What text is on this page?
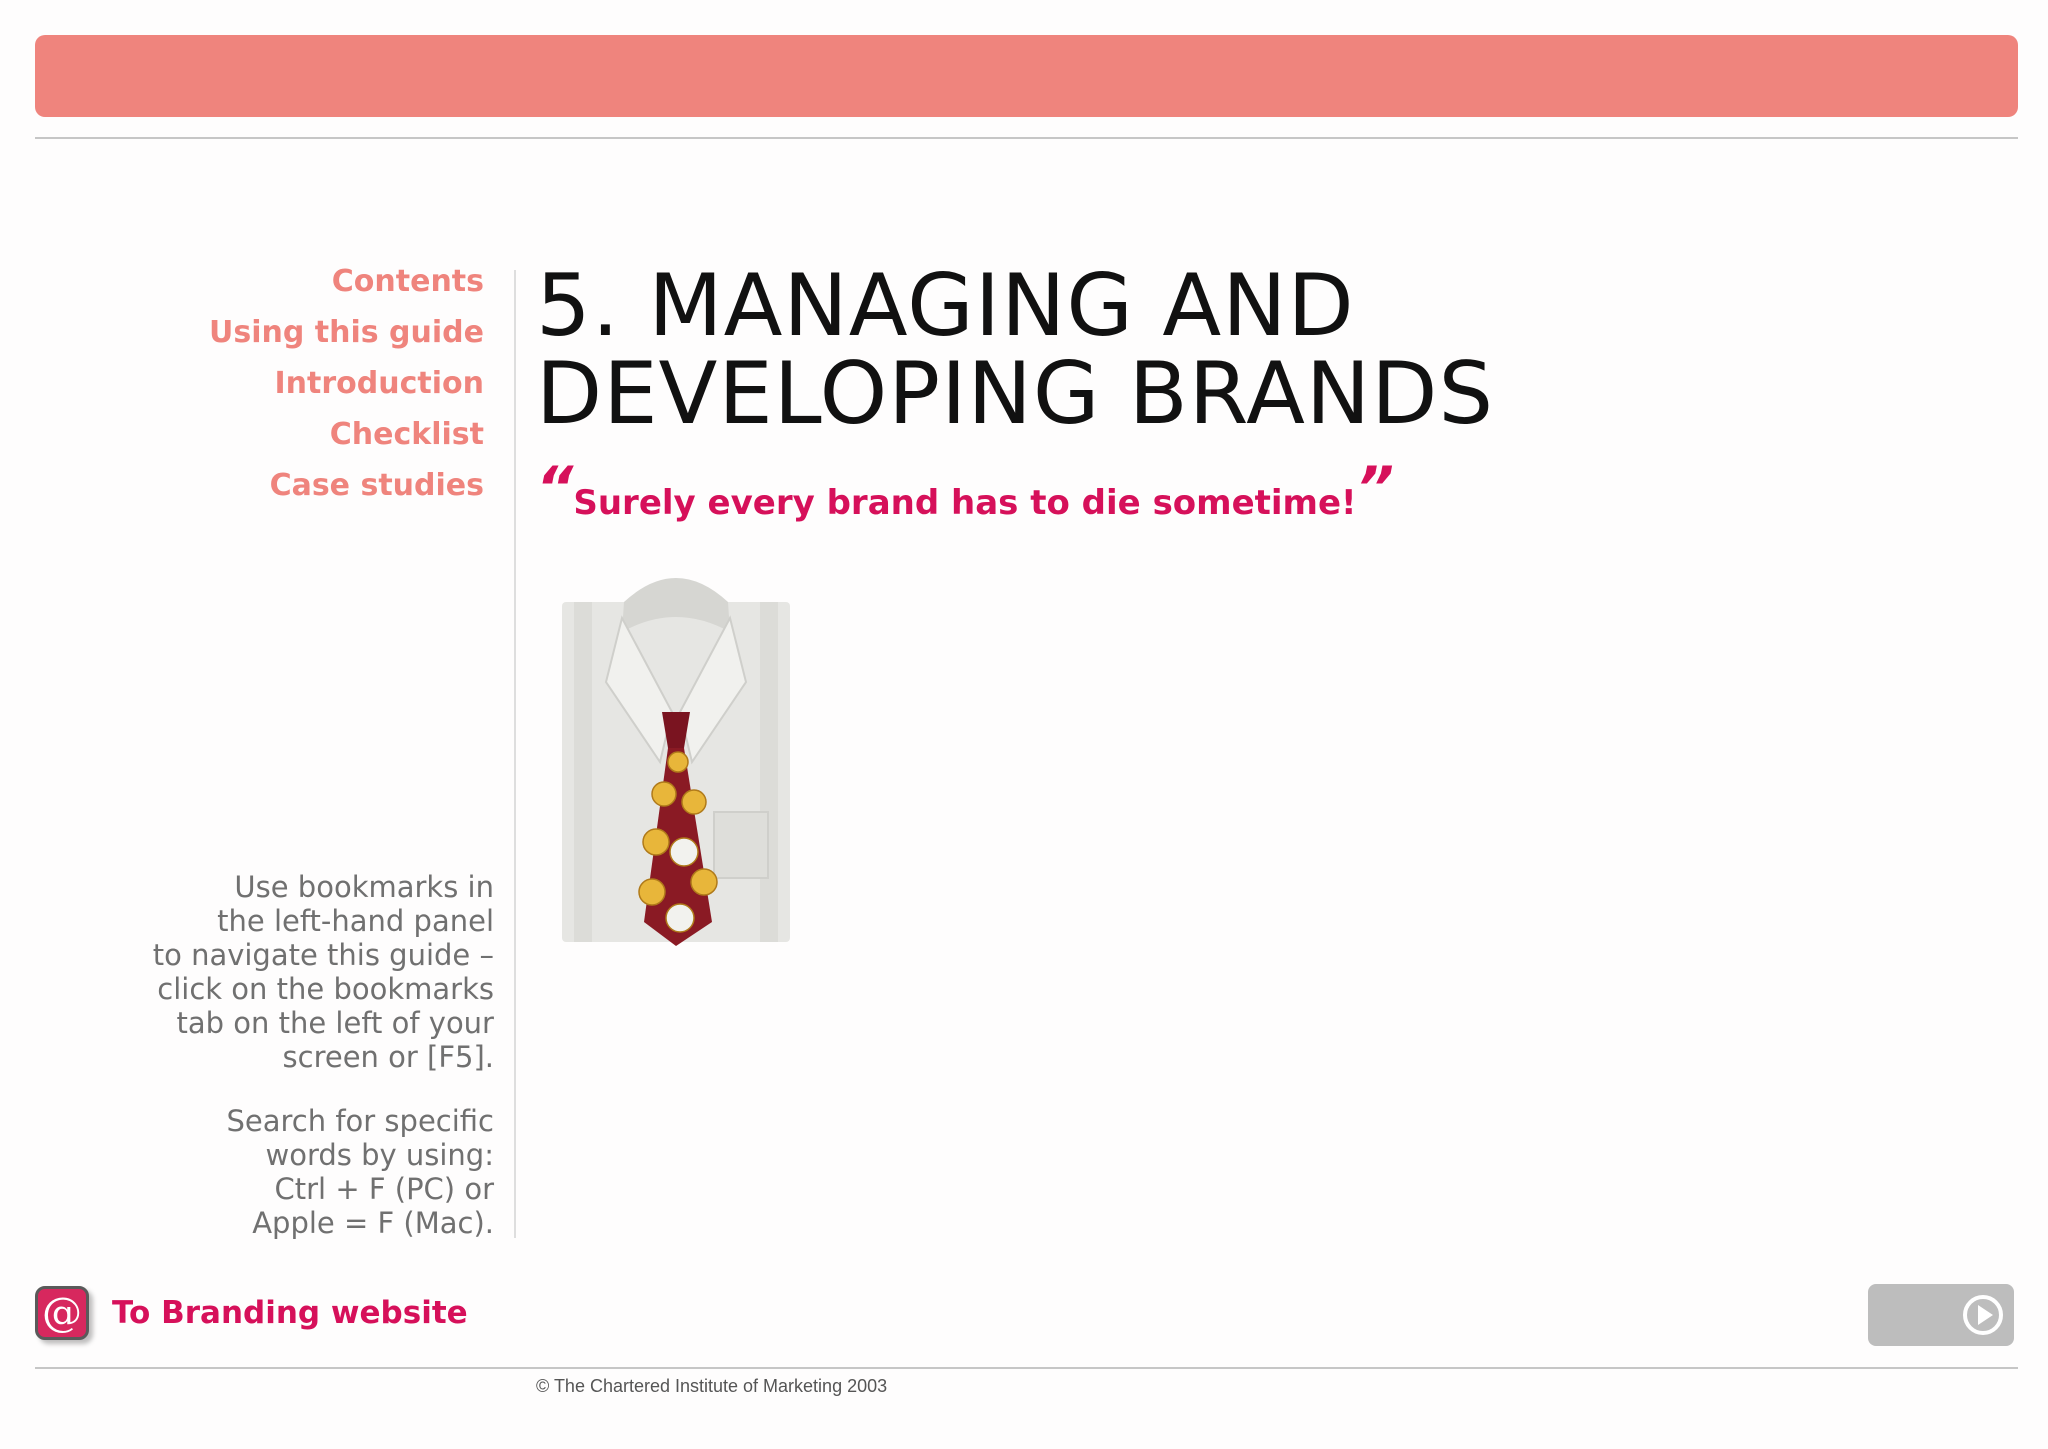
Contents
Using this guide
Introduction
Checklist
Case studies
5. MANAGING AND
DEVELOPING BRANDS
“Surely every brand has to die sometime!”

Use bookmarks in
the left-hand panel
to navigate this guide –
click on the bookmarks
tab on the left of your
screen or [F5].

Search for specific
words by using:
Ctrl + F (PC) or
Apple = F (Mac).

@ To Branding website
© The Chartered Institute of Marketing 2003
